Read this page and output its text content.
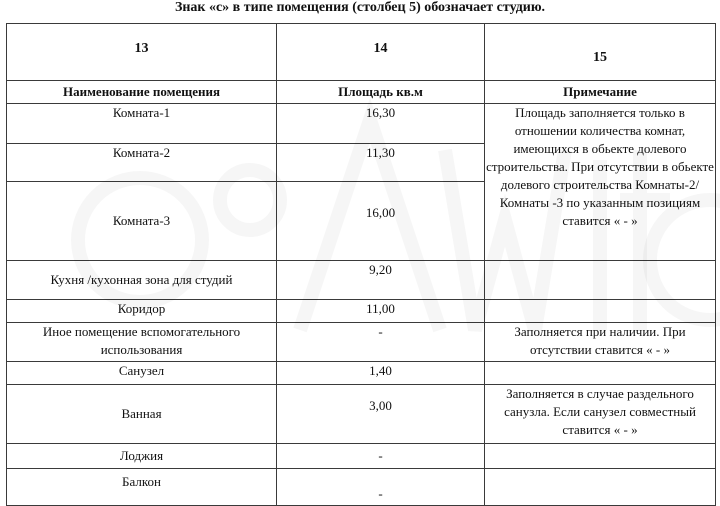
Знак «с» в типе помещения (столбец 5) обозначает студию.
13	14	15
Наименование помещения	Площадь кв.м	Примечание
Комната-1	16,30	Площадь заполняется только в отношении количества комнат, имеющихся в обьекте долевого строительства. При отсутствии в обьекте долевого строительства Комнаты-2/ Комнаты -3 по указанным позициям ставится « - »
Комната-2	11,30	
Комната-3	16,00	
Кухня /кухонная зона для студий	9,20	
Коридор	11,00	
Иное помещение вспомогательного использования	-	Заполняется при наличии. При отсутствии ставится « - »
Санузел	1,40	
Ванная	3,00	Заполняется в случае раздельного санузла. Если санузел совместный ставится « - »
Лоджия	-	
Балкон	-	
